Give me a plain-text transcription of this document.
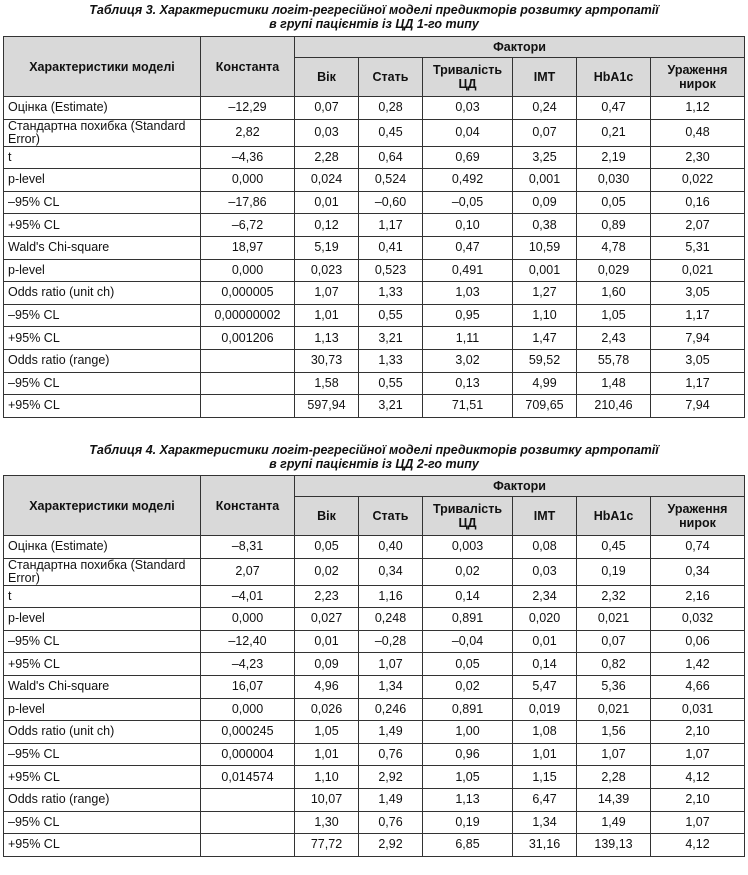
Таблиця 3. Характеристики логіт-регресійної моделі предикторів розвитку артропатії
в групі пацієнтів із ЦД 1-го типу
Характеристики моделі	Константа	Фактори					
		Вік	Стать	Тривалість ЦД	ІМТ	HbA1c	Ураження нирок
Оцінка (Estimate)	–12,29	0,07	0,28	0,03	0,24	0,47	1,12
Стандартна похибка (Standard Error)	2,82	0,03	0,45	0,04	0,07	0,21	0,48
t	–4,36	2,28	0,64	0,69	3,25	2,19	2,30
p-level	0,000	0,024	0,524	0,492	0,001	0,030	0,022
–95% CL	–17,86	0,01	–0,60	–0,05	0,09	0,05	0,16
+95% CL	–6,72	0,12	1,17	0,10	0,38	0,89	2,07
Wald's Chi-square	18,97	5,19	0,41	0,47	10,59	4,78	5,31
p-level	0,000	0,023	0,523	0,491	0,001	0,029	0,021
Odds ratio (unit ch)	0,000005	1,07	1,33	1,03	1,27	1,60	3,05
–95% CL	0,00000002	1,01	0,55	0,95	1,10	1,05	1,17
+95% CL	0,001206	1,13	3,21	1,11	1,47	2,43	7,94
Odds ratio (range)		30,73	1,33	3,02	59,52	55,78	3,05
–95% CL		1,58	0,55	0,13	4,99	1,48	1,17
+95% CL		597,94	3,21	71,51	709,65	210,46	7,94
Таблиця 4. Характеристики логіт-регресійної моделі предикторів розвитку артропатії
в групі пацієнтів із ЦД 2-го типу
Характеристики моделі	Константа	Фактори					
		Вік	Стать	Тривалість ЦД	ІМТ	HbA1c	Ураження нирок
Оцінка (Estimate)	–8,31	0,05	0,40	0,003	0,08	0,45	0,74
Стандартна похибка (Standard Error)	2,07	0,02	0,34	0,02	0,03	0,19	0,34
t	–4,01	2,23	1,16	0,14	2,34	2,32	2,16
p-level	0,000	0,027	0,248	0,891	0,020	0,021	0,032
–95% CL	–12,40	0,01	–0,28	–0,04	0,01	0,07	0,06
+95% CL	–4,23	0,09	1,07	0,05	0,14	0,82	1,42
Wald's Chi-square	16,07	4,96	1,34	0,02	5,47	5,36	4,66
p-level	0,000	0,026	0,246	0,891	0,019	0,021	0,031
Odds ratio (unit ch)	0,000245	1,05	1,49	1,00	1,08	1,56	2,10
–95% CL	0,000004	1,01	0,76	0,96	1,01	1,07	1,07
+95% CL	0,014574	1,10	2,92	1,05	1,15	2,28	4,12
Odds ratio (range)		10,07	1,49	1,13	6,47	14,39	2,10
–95% CL		1,30	0,76	0,19	1,34	1,49	1,07
+95% CL		77,72	2,92	6,85	31,16	139,13	4,12
